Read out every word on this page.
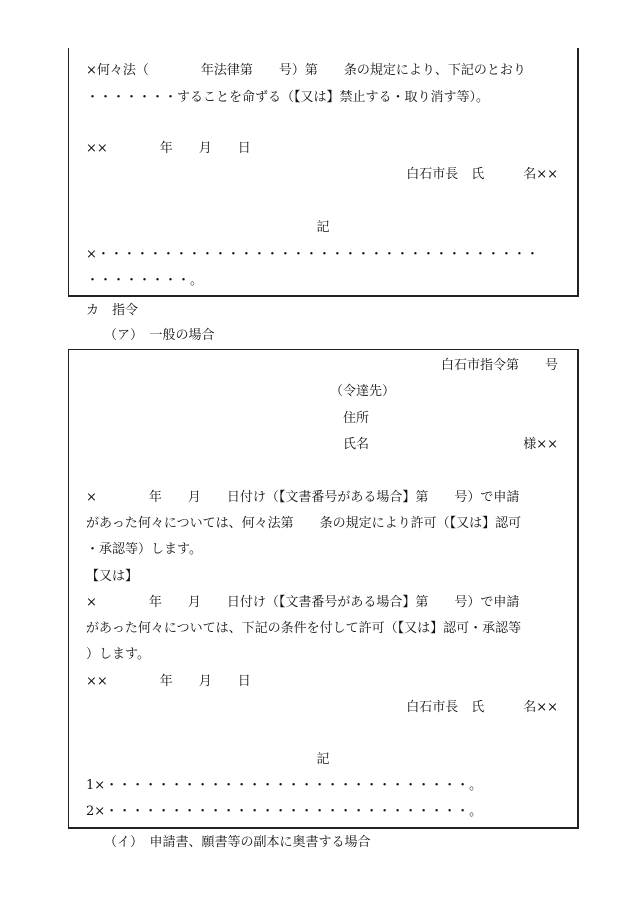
×何々法（　　　　年法律第　　号）第　　条の規定により、下記のとおり
・・・・・・・することを命ずる（【又は】禁止する・取り消す等）。
××　　　　年　　月　　日
白石市長　氏　　　名××
記
×・・・・・・・・・・・・・・・・・・・・・・・・・・・・・・・・・・
・・・・・・・・。
カ　指令
（ア）　一般の場合
白石市指令第　　号
（令達先）
住所
氏名	様××
×　　　　年　　月　　日付け（【文書番号がある場合】第　　号）で申請
があった何々については、何々法第　　条の規定により許可（【又は】認可
・承認等）します。
【又は】
×　　　　年　　月　　日付け（【文書番号がある場合】第　　号）で申請
があった何々については、下記の条件を付して許可（【又は】認可・承認等
）します。
××　　　　年　　月　　日
白石市長　氏　　　名××
記
1×・・・・・・・・・・・・・・・・・・・・・・・・・・・・。
2×・・・・・・・・・・・・・・・・・・・・・・・・・・・・。
（イ）　申請書、願書等の副本に奥書する場合
